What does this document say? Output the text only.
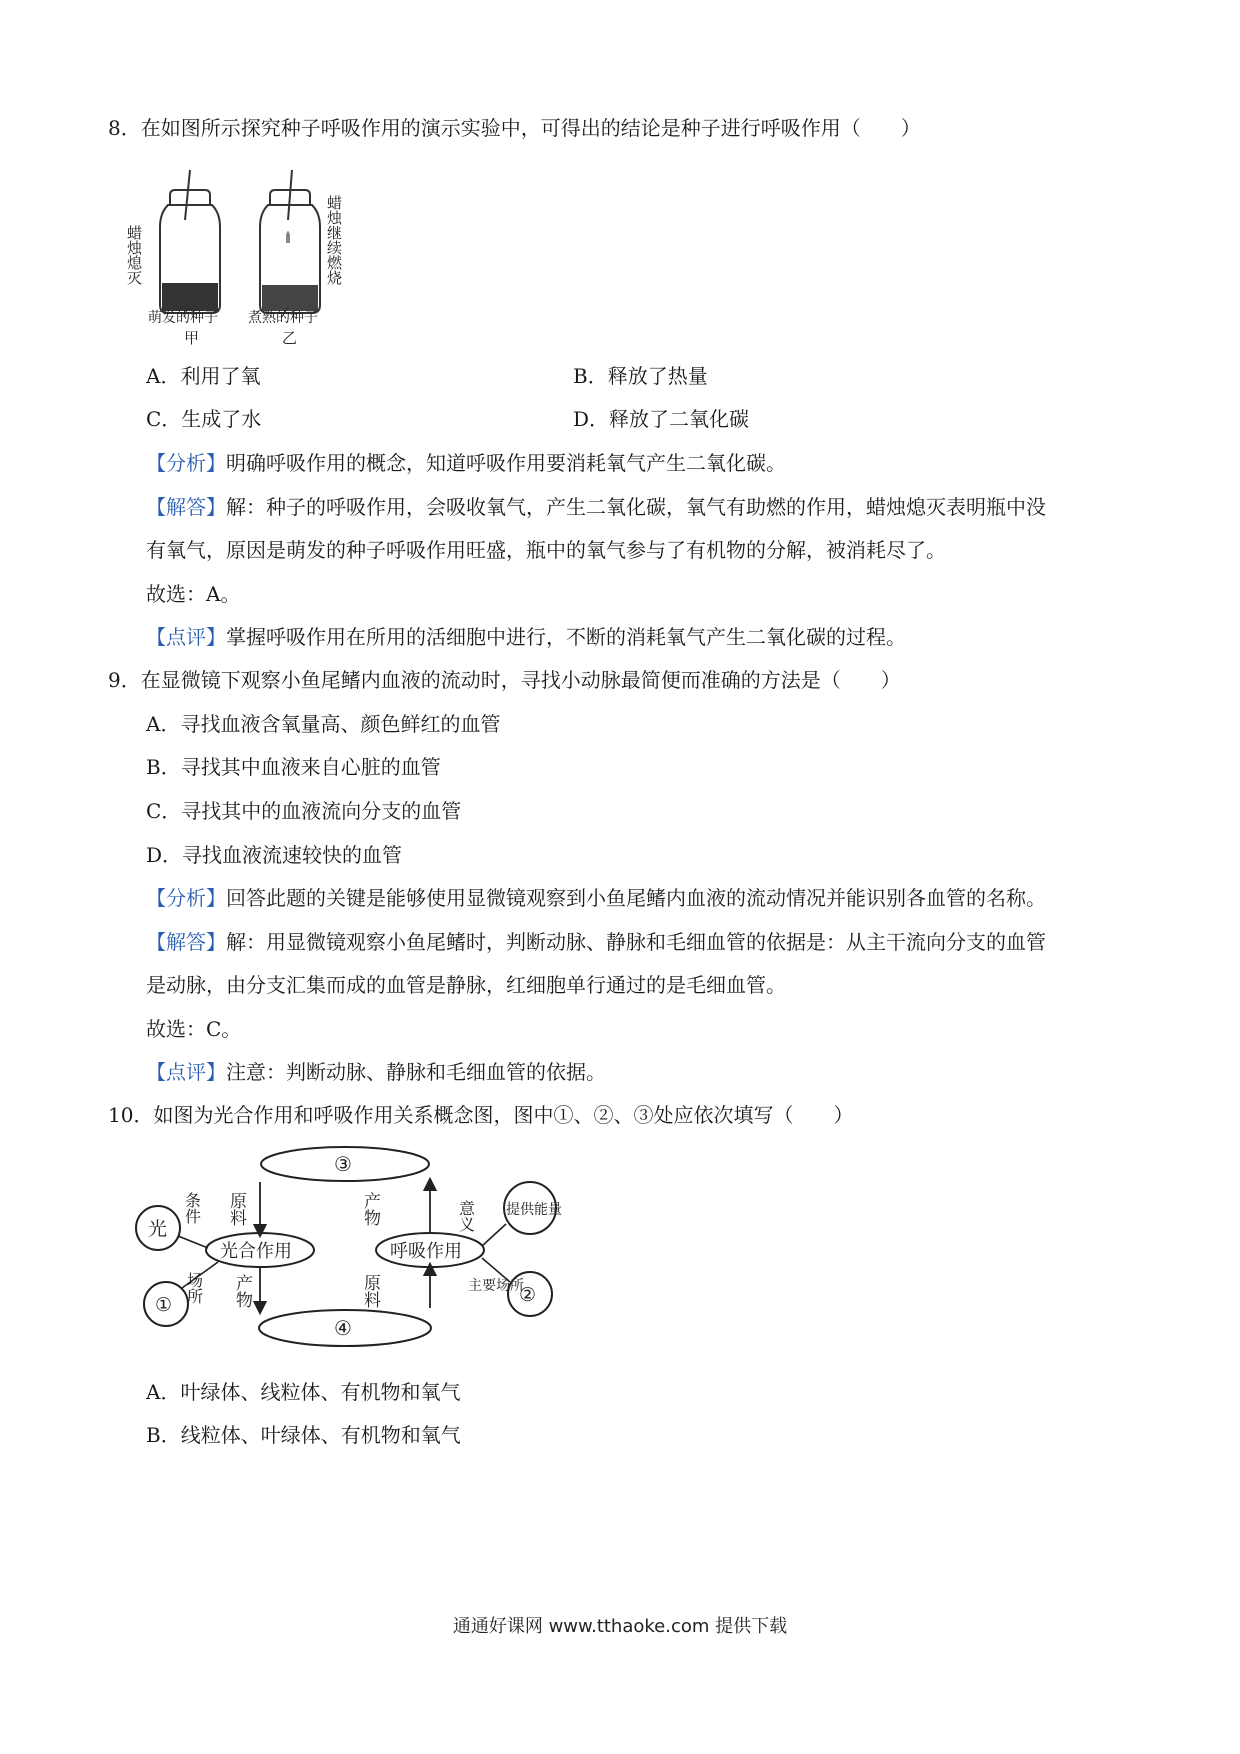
8．在如图所示探究种子呼吸作用的演示实验中，可得出的结论是种子进行呼吸作用（　　）
蜡烛熄灭	蜡烛继续燃烧
萌发的种子 煮熟的种子
甲	乙
A．利用了氧	B．释放了热量
C．生成了水	D．释放了二氧化碳
【分析】明确呼吸作用的概念，知道呼吸作用要消耗氧气产生二氧化碳。
【解答】解：种子的呼吸作用，会吸收氧气，产生二氧化碳，氧气有助燃的作用，蜡烛熄灭表明瓶中没
有氧气，原因是萌发的种子呼吸作用旺盛，瓶中的氧气参与了有机物的分解，被消耗尽了。
故选：A。
【点评】掌握呼吸作用在所用的活细胞中进行，不断的消耗氧气产生二氧化碳的过程。
9．在显微镜下观察小鱼尾鳍内血液的流动时，寻找小动脉最简便而准确的方法是（　　）
A．寻找血液含氧量高、颜色鲜红的血管
B．寻找其中血液来自心脏的血管
C．寻找其中的血液流向分支的血管
D．寻找血液流速较快的血管
【分析】回答此题的关键是能够使用显微镜观察到小鱼尾鳍内血液的流动情况并能识别各血管的名称。
【解答】解：用显微镜观察小鱼尾鳍时，判断动脉、静脉和毛细血管的依据是：从主干流向分支的血管
是动脉，由分支汇集而成的血管是静脉，红细胞单行通过的是毛细血管。
故选：C。
【点评】注意：判断动脉、静脉和毛细血管的依据。
10．如图为光合作用和呼吸作用关系概念图，图中①、②、③处应依次填写（　　）
③
④
光合作用	呼吸作用
原料	产物
产物	原料
光
条件
①
场所
提供能量
意义
②
主要场所
A．叶绿体、线粒体、有机物和氧气
B．线粒体、叶绿体、有机物和氧气
通通好课网 www.tthaoke.com 提供下载
